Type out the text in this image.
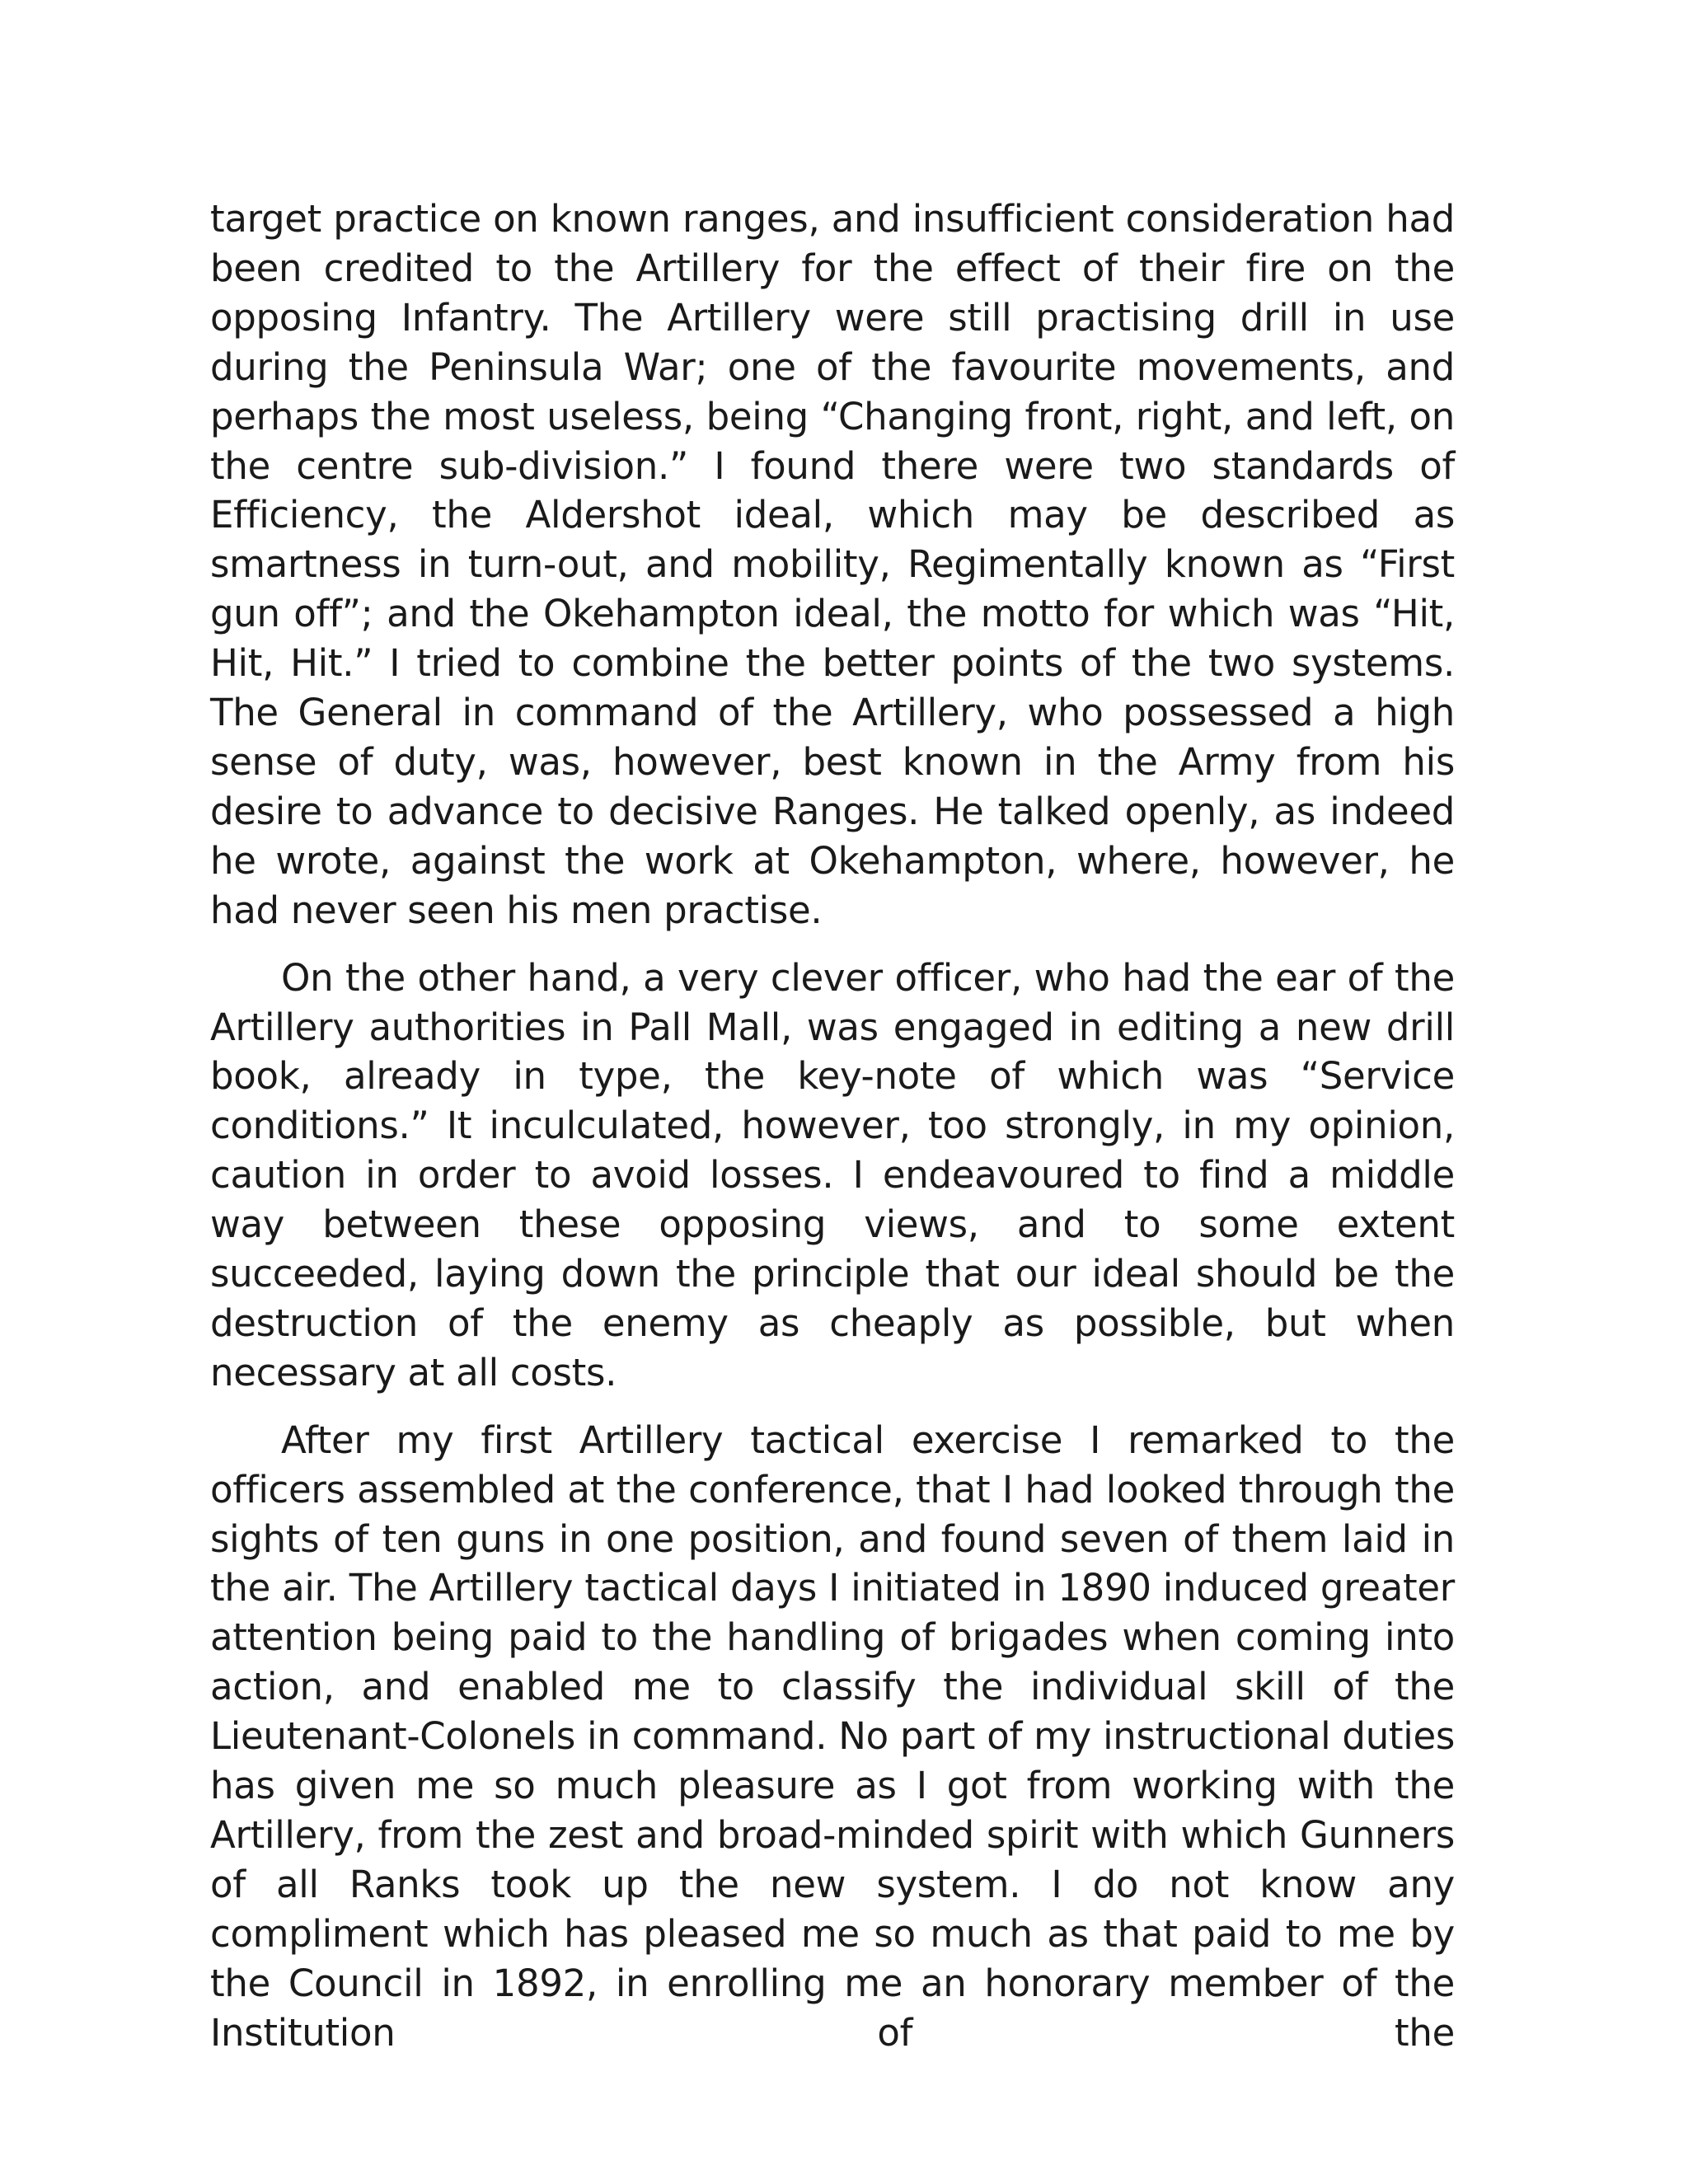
target practice on known ranges, and insufficient consideration had been credited to the Artillery for the effect of their fire on the opposing Infantry. The Artillery were still practising drill in use during the Peninsula War; one of the favourite movements, and perhaps the most useless, being “Changing front, right, and left, on the centre sub-division.” I found there were two standards of Efficiency, the Aldershot ideal, which may be described as smartness in turn-out, and mobility, Regimentally known as “First gun off”; and the Okehampton ideal, the motto for which was “Hit, Hit, Hit.” I tried to combine the better points of the two systems. The General in command of the Artillery, who possessed a high sense of duty, was, however, best known in the Army from his desire to advance to decisive Ranges. He talked openly, as indeed he wrote, against the work at Okehampton, where, however, he had never seen his men practise.

On the other hand, a very clever officer, who had the ear of the Artillery authorities in Pall Mall, was engaged in editing a new drill book, already in type, the key-note of which was “Service conditions.” It inculculated, however, too strongly, in my opinion, caution in order to avoid losses. I endeavoured to find a middle way between these opposing views, and to some extent succeeded, laying down the principle that our ideal should be the destruction of the enemy as cheaply as possible, but when necessary at all costs.

After my first Artillery tactical exercise I remarked to the officers assembled at the conference, that I had looked through the sights of ten guns in one position, and found seven of them laid in the air. The Artillery tactical days I initiated in 1890 induced greater attention being paid to the handling of brigades when coming into action, and enabled me to classify the individual skill of the Lieutenant-Colonels in command. No part of my instructional duties has given me so much pleasure as I got from working with the Artillery, from the zest and broad-minded spirit with which Gunners of all Ranks took up the new system. I do not know any compliment which has pleased me so much as that paid to me by the Council in 1892, in enrolling me an honorary member of the Institution of the
